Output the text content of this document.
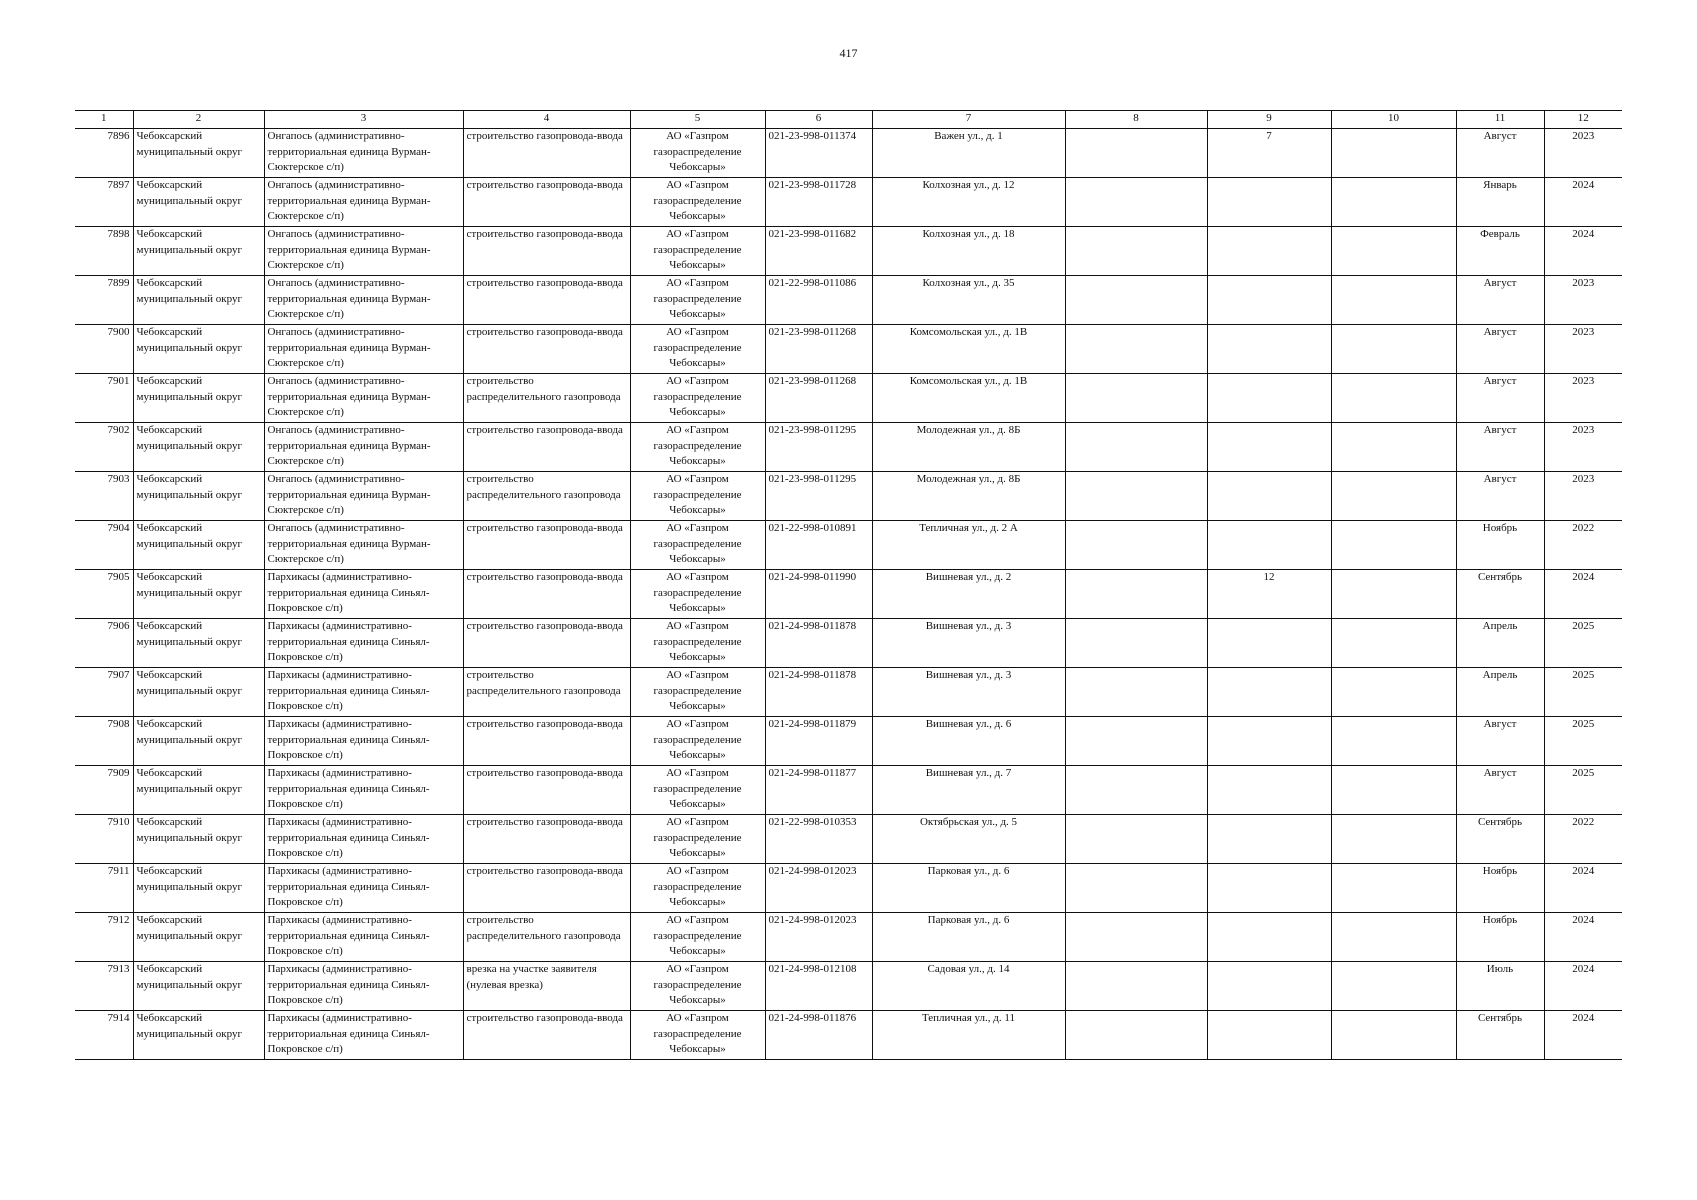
417
1	2	3	4	5	6	7	8	9	10	11	12
7896	Чебоксарский муниципальный округ	Онгапось (административно-территориальная единица Вурман-Сюктерское с/п)	строительство газопровода-ввода	АО «Газпром газораспределение Чебоксары»	021-23-998-011374	Важен ул., д. 1		7		Август	2023
7897	Чебоксарский муниципальный округ	Онгапось (административно-территориальная единица Вурман-Сюктерское с/п)	строительство газопровода-ввода	АО «Газпром газораспределение Чебоксары»	021-23-998-011728	Колхозная ул., д. 12				Январь	2024
7898	Чебоксарский муниципальный округ	Онгапось (административно-территориальная единица Вурман-Сюктерское с/п)	строительство газопровода-ввода	АО «Газпром газораспределение Чебоксары»	021-23-998-011682	Колхозная ул., д. 18				Февраль	2024
7899	Чебоксарский муниципальный округ	Онгапось (административно-территориальная единица Вурман-Сюктерское с/п)	строительство газопровода-ввода	АО «Газпром газораспределение Чебоксары»	021-22-998-011086	Колхозная ул., д. 35				Август	2023
7900	Чебоксарский муниципальный округ	Онгапось (административно-территориальная единица Вурман-Сюктерское с/п)	строительство газопровода-ввода	АО «Газпром газораспределение Чебоксары»	021-23-998-011268	Комсомольская ул., д. 1В				Август	2023
7901	Чебоксарский муниципальный округ	Онгапось (административно-территориальная единица Вурман-Сюктерское с/п)	строительство распределительного газопровода	АО «Газпром газораспределение Чебоксары»	021-23-998-011268	Комсомольская ул., д. 1В				Август	2023
7902	Чебоксарский муниципальный округ	Онгапось (административно-территориальная единица Вурман-Сюктерское с/п)	строительство газопровода-ввода	АО «Газпром газораспределение Чебоксары»	021-23-998-011295	Молодежная ул., д. 8Б				Август	2023
7903	Чебоксарский муниципальный округ	Онгапось (административно-территориальная единица Вурман-Сюктерское с/п)	строительство распределительного газопровода	АО «Газпром газораспределение Чебоксары»	021-23-998-011295	Молодежная ул., д. 8Б				Август	2023
7904	Чебоксарский муниципальный округ	Онгапось (административно-территориальная единица Вурман-Сюктерское с/п)	строительство газопровода-ввода	АО «Газпром газораспределение Чебоксары»	021-22-998-010891	Тепличная ул., д. 2 А				Ноябрь	2022
7905	Чебоксарский муниципальный округ	Пархикасы (административно-территориальная единица Синьял-Покровское с/п)	строительство газопровода-ввода	АО «Газпром газораспределение Чебоксары»	021-24-998-011990	Вишневая ул., д. 2		12		Сентябрь	2024
7906	Чебоксарский муниципальный округ	Пархикасы (административно-территориальная единица Синьял-Покровское с/п)	строительство газопровода-ввода	АО «Газпром газораспределение Чебоксары»	021-24-998-011878	Вишневая ул., д. 3				Апрель	2025
7907	Чебоксарский муниципальный округ	Пархикасы (административно-территориальная единица Синьял-Покровское с/п)	строительство распределительного газопровода	АО «Газпром газораспределение Чебоксары»	021-24-998-011878	Вишневая ул., д. 3				Апрель	2025
7908	Чебоксарский муниципальный округ	Пархикасы (административно-территориальная единица Синьял-Покровское с/п)	строительство газопровода-ввода	АО «Газпром газораспределение Чебоксары»	021-24-998-011879	Вишневая ул., д. 6				Август	2025
7909	Чебоксарский муниципальный округ	Пархикасы (административно-территориальная единица Синьял-Покровское с/п)	строительство газопровода-ввода	АО «Газпром газораспределение Чебоксары»	021-24-998-011877	Вишневая ул., д. 7				Август	2025
7910	Чебоксарский муниципальный округ	Пархикасы (административно-территориальная единица Синьял-Покровское с/п)	строительство газопровода-ввода	АО «Газпром газораспределение Чебоксары»	021-22-998-010353	Октябрьская ул., д. 5				Сентябрь	2022
7911	Чебоксарский муниципальный округ	Пархикасы (административно-территориальная единица Синьял-Покровское с/п)	строительство газопровода-ввода	АО «Газпром газораспределение Чебоксары»	021-24-998-012023	Парковая ул., д. 6				Ноябрь	2024
7912	Чебоксарский муниципальный округ	Пархикасы (административно-территориальная единица Синьял-Покровское с/п)	строительство распределительного газопровода	АО «Газпром газораспределение Чебоксары»	021-24-998-012023	Парковая ул., д. 6				Ноябрь	2024
7913	Чебоксарский муниципальный округ	Пархикасы (административно-территориальная единица Синьял-Покровское с/п)	врезка на участке заявителя (нулевая врезка)	АО «Газпром газораспределение Чебоксары»	021-24-998-012108	Садовая ул., д. 14				Июль	2024
7914	Чебоксарский муниципальный округ	Пархикасы (административно-территориальная единица Синьял-Покровское с/п)	строительство газопровода-ввода	АО «Газпром газораспределение Чебоксары»	021-24-998-011876	Тепличная ул., д. 11				Сентябрь	2024
